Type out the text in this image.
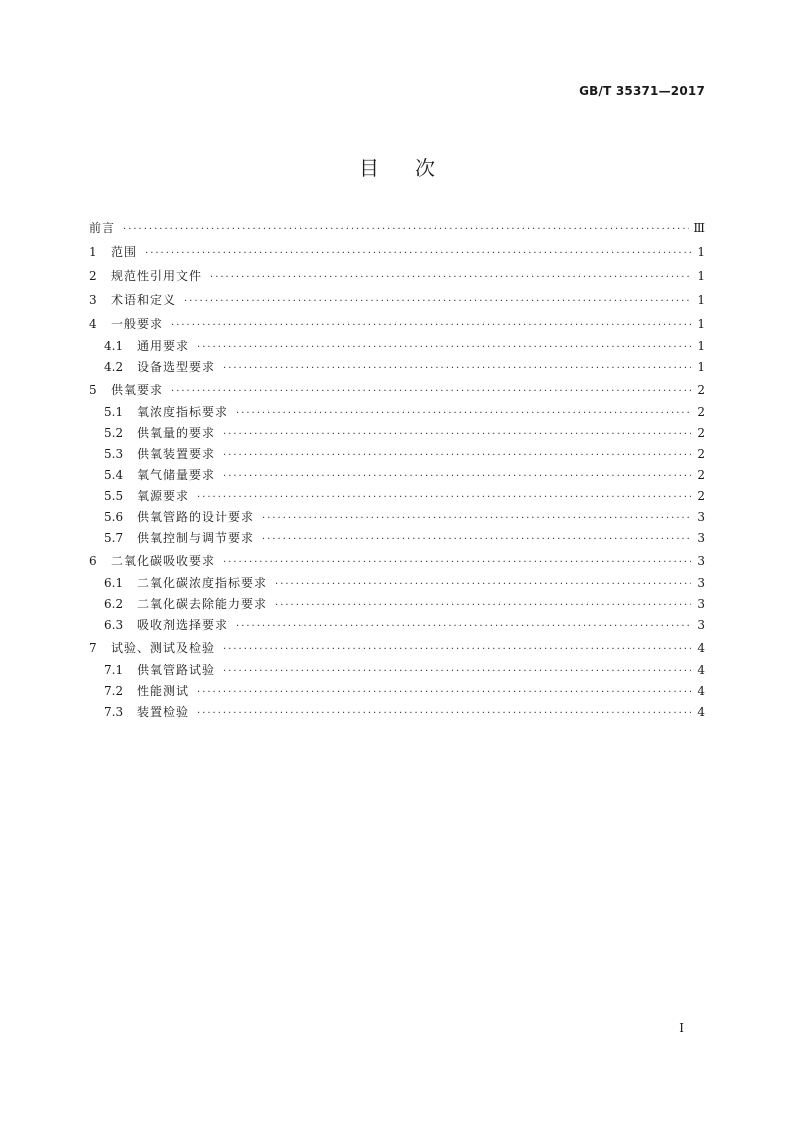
GB/T 35371—2017
目次
前言 ·····	Ⅲ
1	范围 ·····	1
2	规范性引用文件 ·····	1
3	术语和定义 ·····	1
4	一般要求 ·····	1
4.1	通用要求 ·····	1
4.2	设备选型要求 ·····	1
5	供氧要求 ·····	2
5.1	氧浓度指标要求 ·····	2
5.2	供氧量的要求 ·····	2
5.3	供氧装置要求 ·····	2
5.4	氧气储量要求 ·····	2
5.5	氧源要求 ·····	2
5.6	供氧管路的设计要求 ·····	3
5.7	供氧控制与调节要求 ·····	3
6	二氧化碳吸收要求 ·····	3
6.1	二氧化碳浓度指标要求 ·····	3
6.2	二氧化碳去除能力要求 ·····	3
6.3	吸收剂选择要求 ·····	3
7	试验、测试及检验 ·····	4
7.1	供氧管路试验 ·····	4
7.2	性能测试 ·····	4
7.3	装置检验 ·····	4
I
